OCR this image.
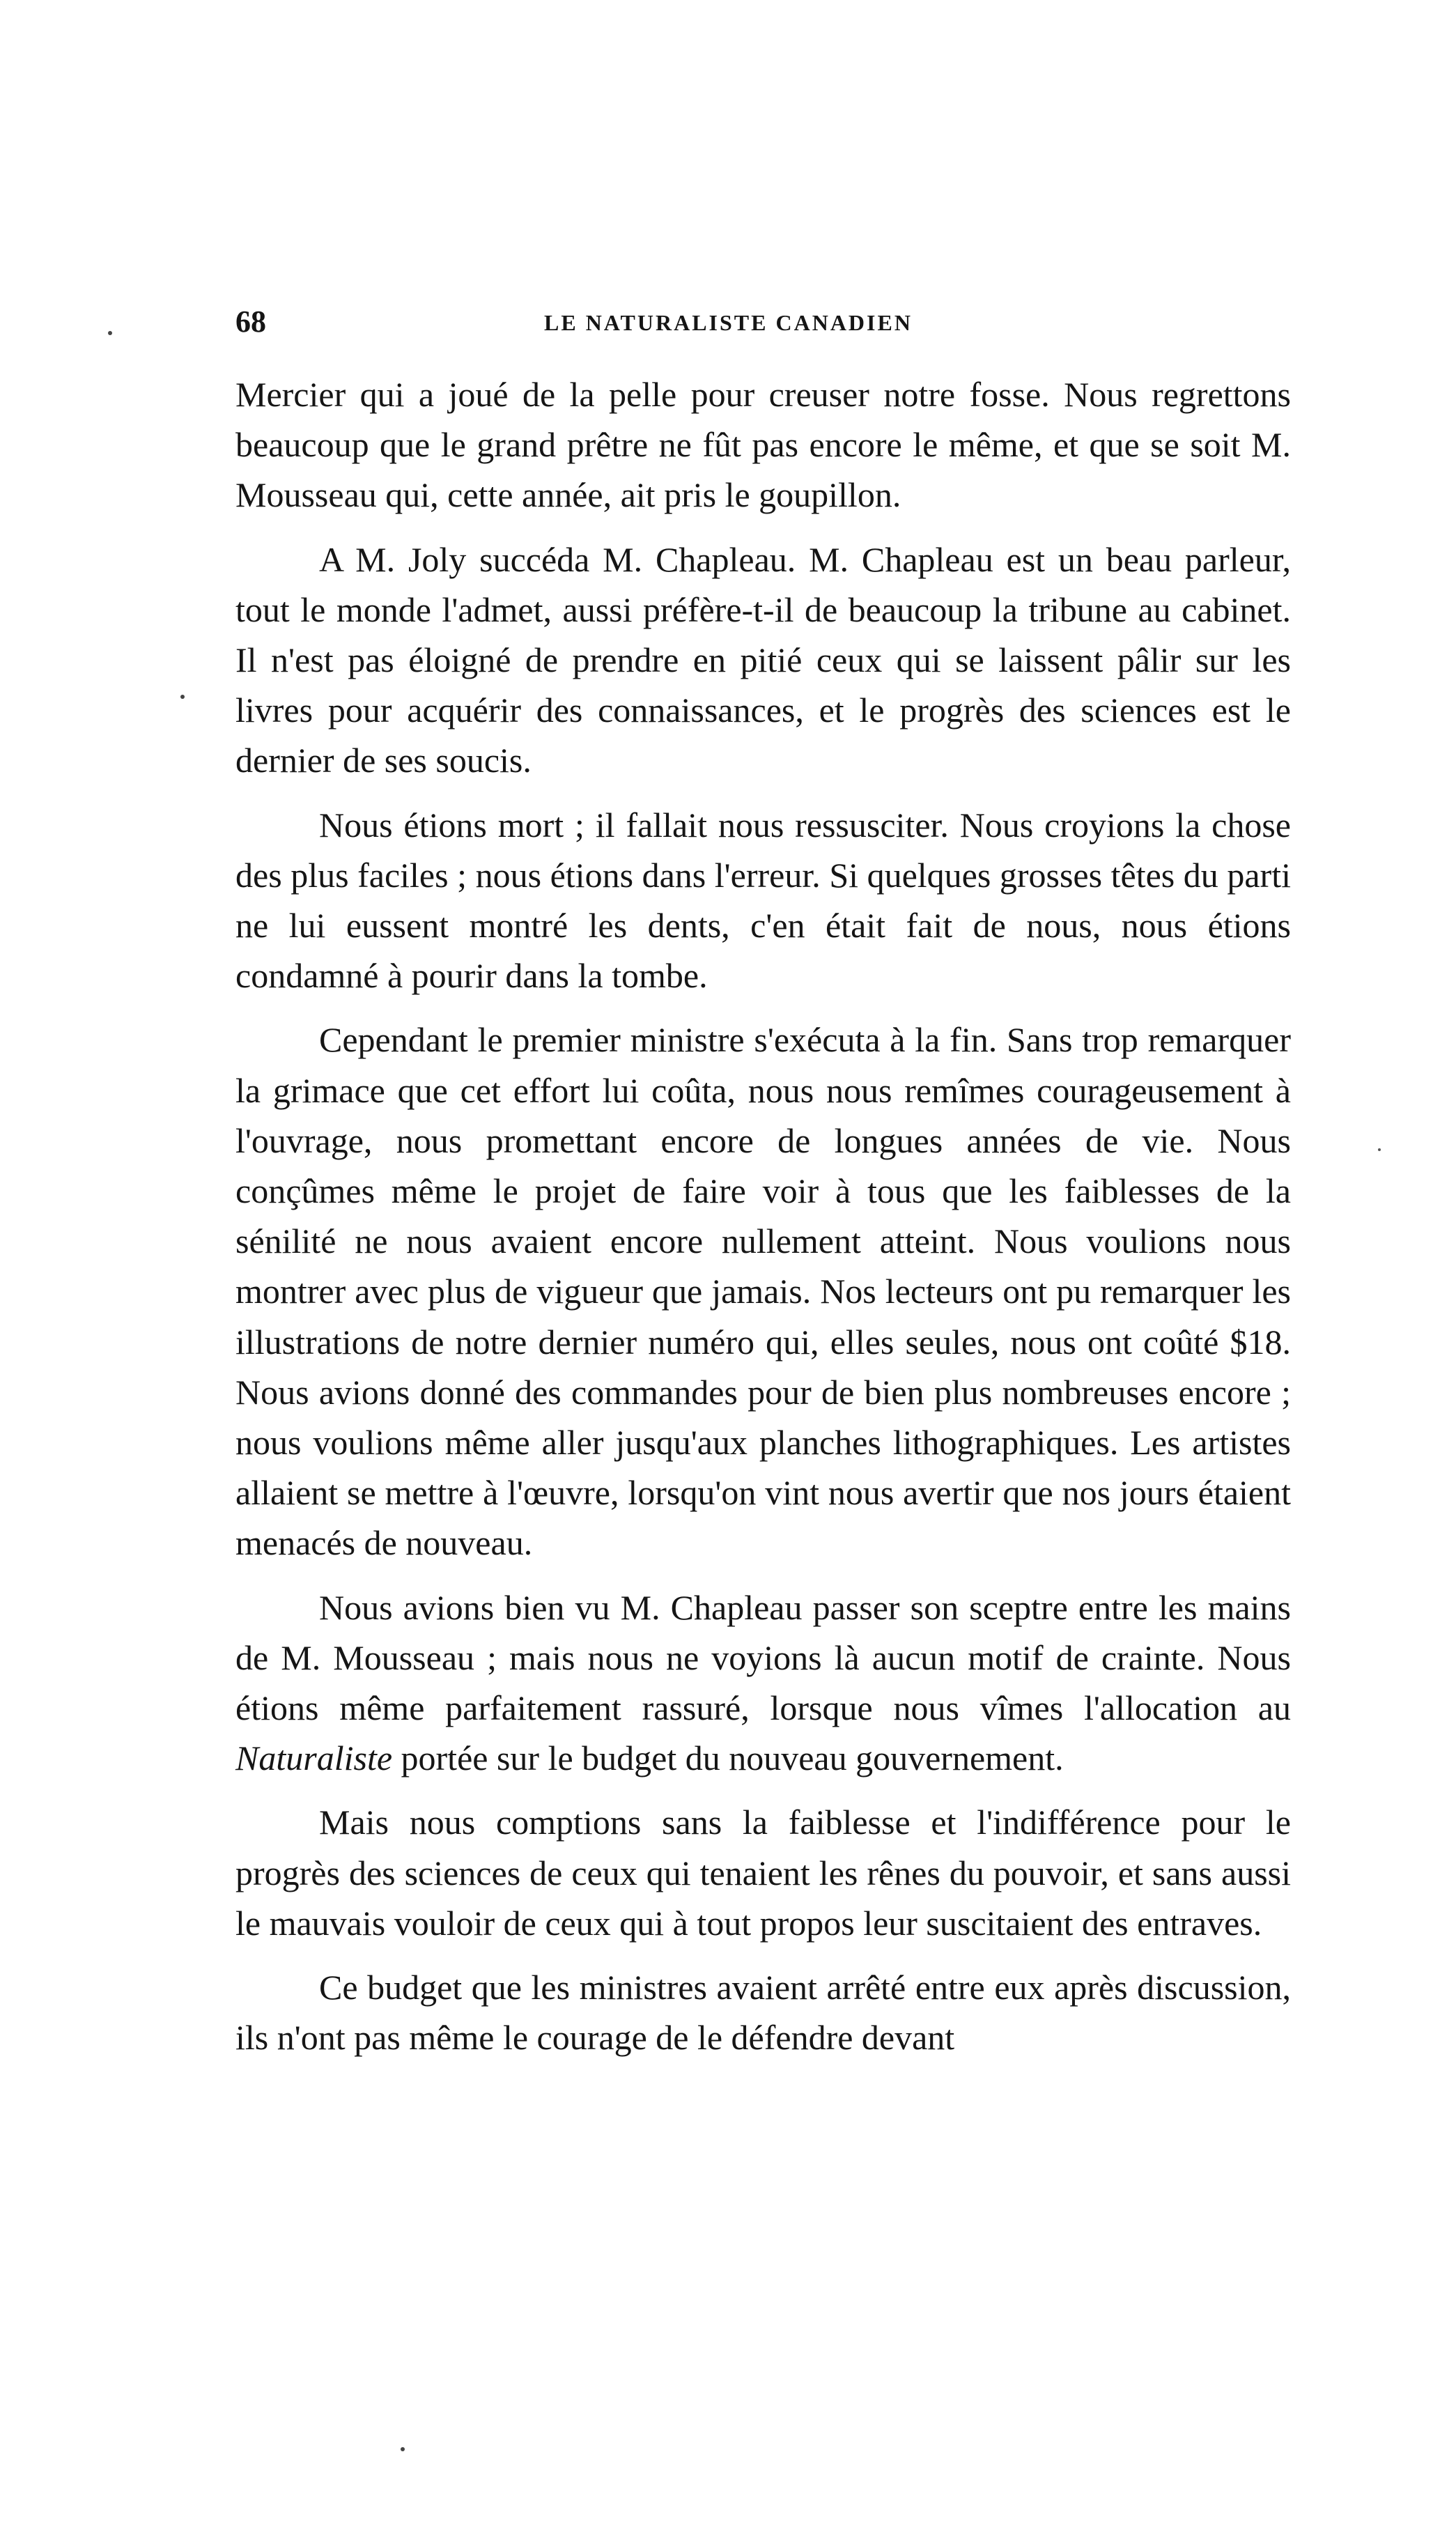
68	LE NATURALISTE CANADIEN

Mercier qui a joué de la pelle pour creuser notre fosse. Nous regrettons beaucoup que le grand prêtre ne fût pas encore le même, et que se soit M. Mousseau qui, cette année, ait pris le goupillon.

A M. Joly succéda M. Chapleau. M. Chapleau est un beau parleur, tout le monde l'admet, aussi préfère-t-il de beaucoup la tribune au cabinet. Il n'est pas éloigné de prendre en pitié ceux qui se laissent pâlir sur les livres pour acquérir des connaissances, et le progrès des sciences est le dernier de ses soucis.

Nous étions mort ; il fallait nous ressusciter. Nous croyions la chose des plus faciles ; nous étions dans l'erreur. Si quelques grosses têtes du parti ne lui eussent montré les dents, c'en était fait de nous, nous étions condamné à pourir dans la tombe.

Cependant le premier ministre s'exécuta à la fin. Sans trop remarquer la grimace que cet effort lui coûta, nous nous remîmes courageusement à l'ouvrage, nous promettant encore de longues années de vie. Nous conçûmes même le projet de faire voir à tous que les faiblesses de la sénilité ne nous avaient encore nullement atteint. Nous voulions nous montrer avec plus de vigueur que jamais. Nos lecteurs ont pu remarquer les illustrations de notre dernier numéro qui, elles seules, nous ont coûté $18. Nous avions donné des commandes pour de bien plus nombreuses encore ; nous voulions même aller jusqu'aux planches lithographiques. Les artistes allaient se mettre à l'œuvre, lorsqu'on vint nous avertir que nos jours étaient menacés de nouveau.

Nous avions bien vu M. Chapleau passer son sceptre entre les mains de M. Mousseau ; mais nous ne voyions là aucun motif de crainte. Nous étions même parfaitement rassuré, lorsque nous vîmes l'allocation au Naturaliste portée sur le budget du nouveau gouvernement.

Mais nous comptions sans la faiblesse et l'indifférence pour le progrès des sciences de ceux qui tenaient les rênes du pouvoir, et sans aussi le mauvais vouloir de ceux qui à tout propos leur suscitaient des entraves.

Ce budget que les ministres avaient arrêté entre eux après discussion, ils n'ont pas même le courage de le défendre devant
